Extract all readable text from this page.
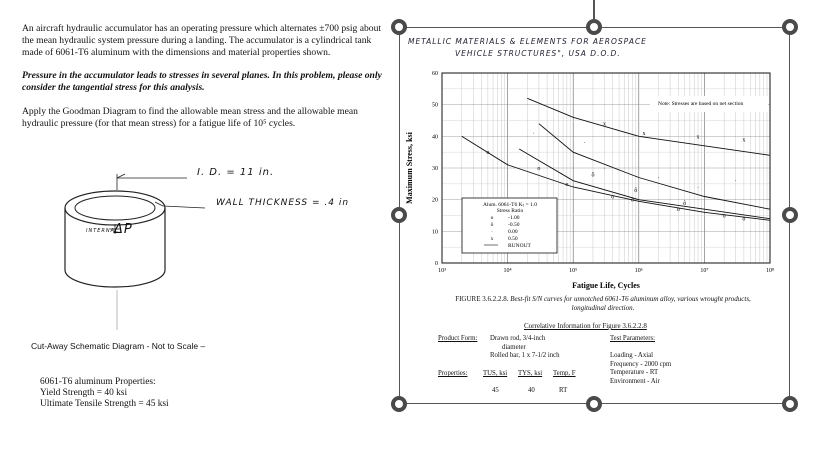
An aircraft hydraulic accumulator has an operating pressure which alternates ±700 psig about the mean hydraulic system pressure during a landing. The accumulator is a cylindrical tank made of 6061-T6 aluminum with the dimensions and material properties shown.

Pressure in the accumulator leads to stresses in several planes. In this problem, please only consider the tangential stress for this analysis.

Apply the Goodman Diagram to find the allowable mean stress and the allowable mean hydraulic pressure (for that mean stress) for a fatigue life of 10⁵ cycles.

I. D. = 11 in.
WALL THICKNESS = .4 in
INTERNAL
ΔP
Cut-Away Schematic Diagram - Not to Scale –
6061-T6 aluminum Properties:
Yield Strength = 40 ksi
Ultimate Tensile Strength = 45 ksi
METALLIC MATERIALS & ELEMENTS FOR AEROSPACE
VEHICLE STRUCTURES", USA D.O.D.
o
o
o
o
o
o
o
o
·
·
·
·
·
·
ô
ô
ô
x
x
x
x
0
10
20
30
40
50
60
10³	10⁴	10⁵	10⁶	10⁷	10⁸
Maximum Stress, ksi
Fatigue Life, Cycles
Note: Stresses are based on net section
Alum. 6061-T6 Kₜ = 1.0
Stress Ratio
o	-1.00
ô	-0.50
·	0.00
x	0.50
RUNOUT
FIGURE 3.6.2.2.8. Best-fit S/N curves for unnotched 6061-T6 aluminum alloy, various wrought products, longitudinal direction.
Correlative Information for Figure 3.6.2.2.8
Product Form: Drawn rod, 3/4-inch
diameter
Rolled bar, 1 x 7-1/2 inch
Test Parameters:
Loading - Axial
Frequency - 2000 cpm
Temperature - RT
Environment - Air
Properties: TUS, ksi TYS, ksi Temp, F
45	40	RT
